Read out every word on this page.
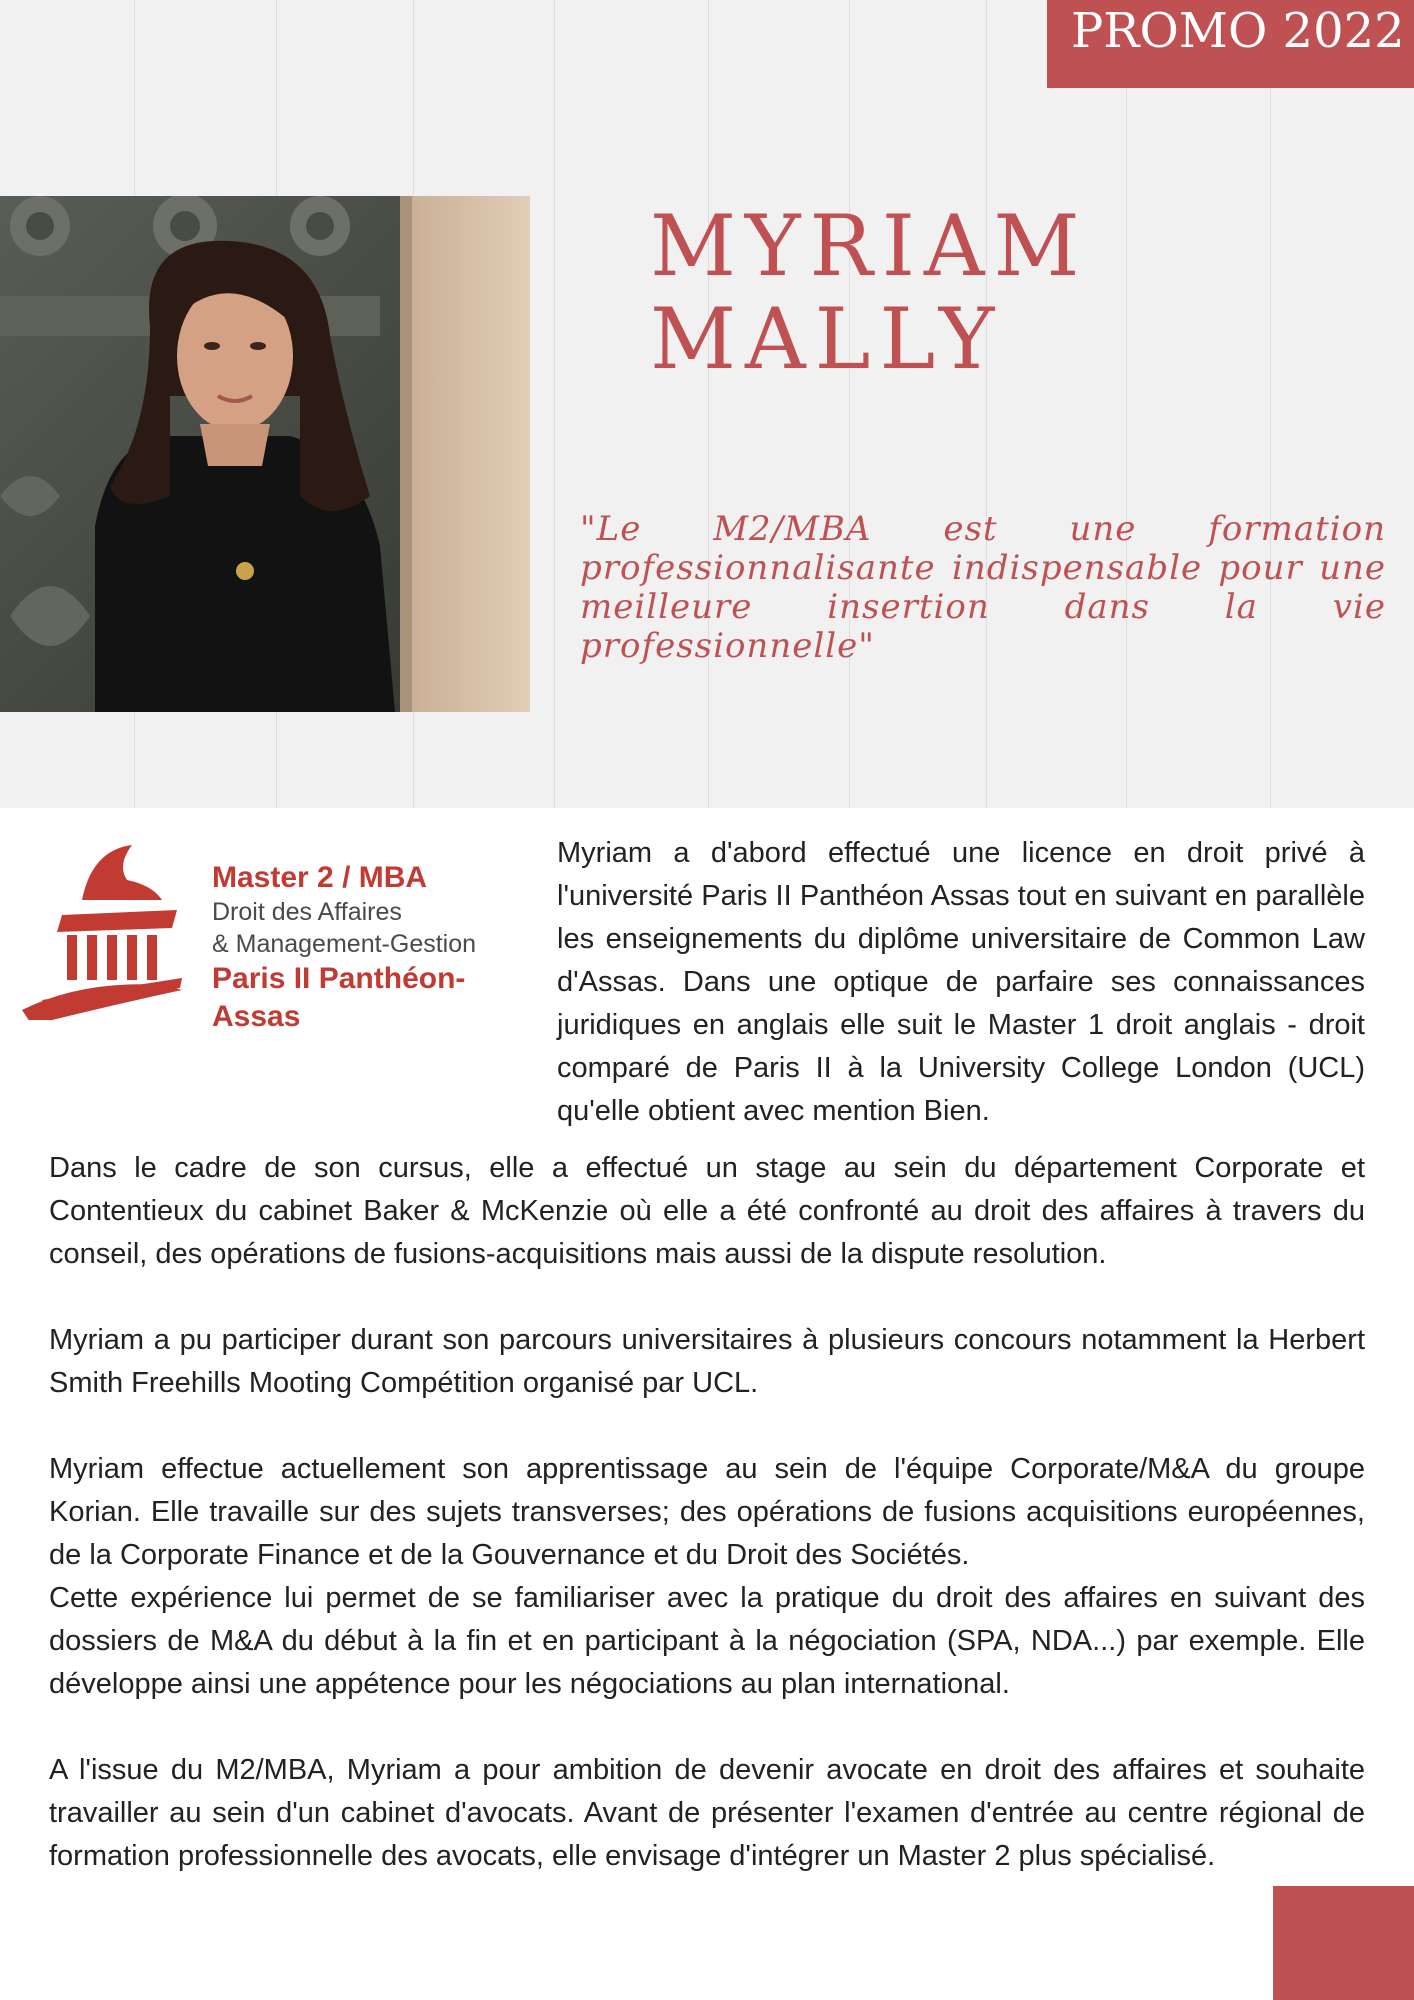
PROMO 2022
MYRIAM
MALLY

"Le M2/MBA est une formation professionnalisante indispensable pour une meilleure insertion dans la vie professionnelle"

Master 2 / MBA
Droit des Affaires
& Management-Gestion
Paris II Panthéon-Assas

Myriam a d'abord effectué une licence en droit privé à l'université Paris II Panthéon Assas tout en suivant en parallèle les enseignements du diplôme universitaire de Common Law d'Assas. Dans une optique de parfaire ses connaissances juridiques en anglais elle suit le Master 1 droit anglais - droit comparé de Paris II à la University College London (UCL) qu'elle obtient avec mention Bien.

Dans le cadre de son cursus, elle a effectué un stage au sein du département Corporate et Contentieux du cabinet Baker & McKenzie où elle a été confronté au droit des affaires à travers du conseil, des opérations de fusions-acquisitions mais aussi de la dispute resolution.

Myriam a pu participer durant son parcours universitaires à plusieurs concours notamment la Herbert Smith Freehills Mooting Compétition organisé par UCL.

Myriam effectue actuellement son apprentissage au sein de l'équipe Corporate/M&A du groupe Korian. Elle travaille sur des sujets transverses; des opérations de fusions acquisitions européennes, de la Corporate Finance et de la Gouvernance et du Droit des Sociétés.

Cette expérience lui permet de se familiariser avec la pratique du droit des affaires en suivant des dossiers de M&A du début à la fin et en participant à la négociation (SPA, NDA...) par exemple. Elle développe ainsi une appétence pour les négociations au plan international.

A l'issue du M2/MBA, Myriam a pour ambition de devenir avocate en droit des affaires et souhaite travailler au sein d'un cabinet d'avocats. Avant de présenter l'examen d'entrée au centre régional de formation professionnelle des avocats, elle envisage d'intégrer un Master 2 plus spécialisé.
